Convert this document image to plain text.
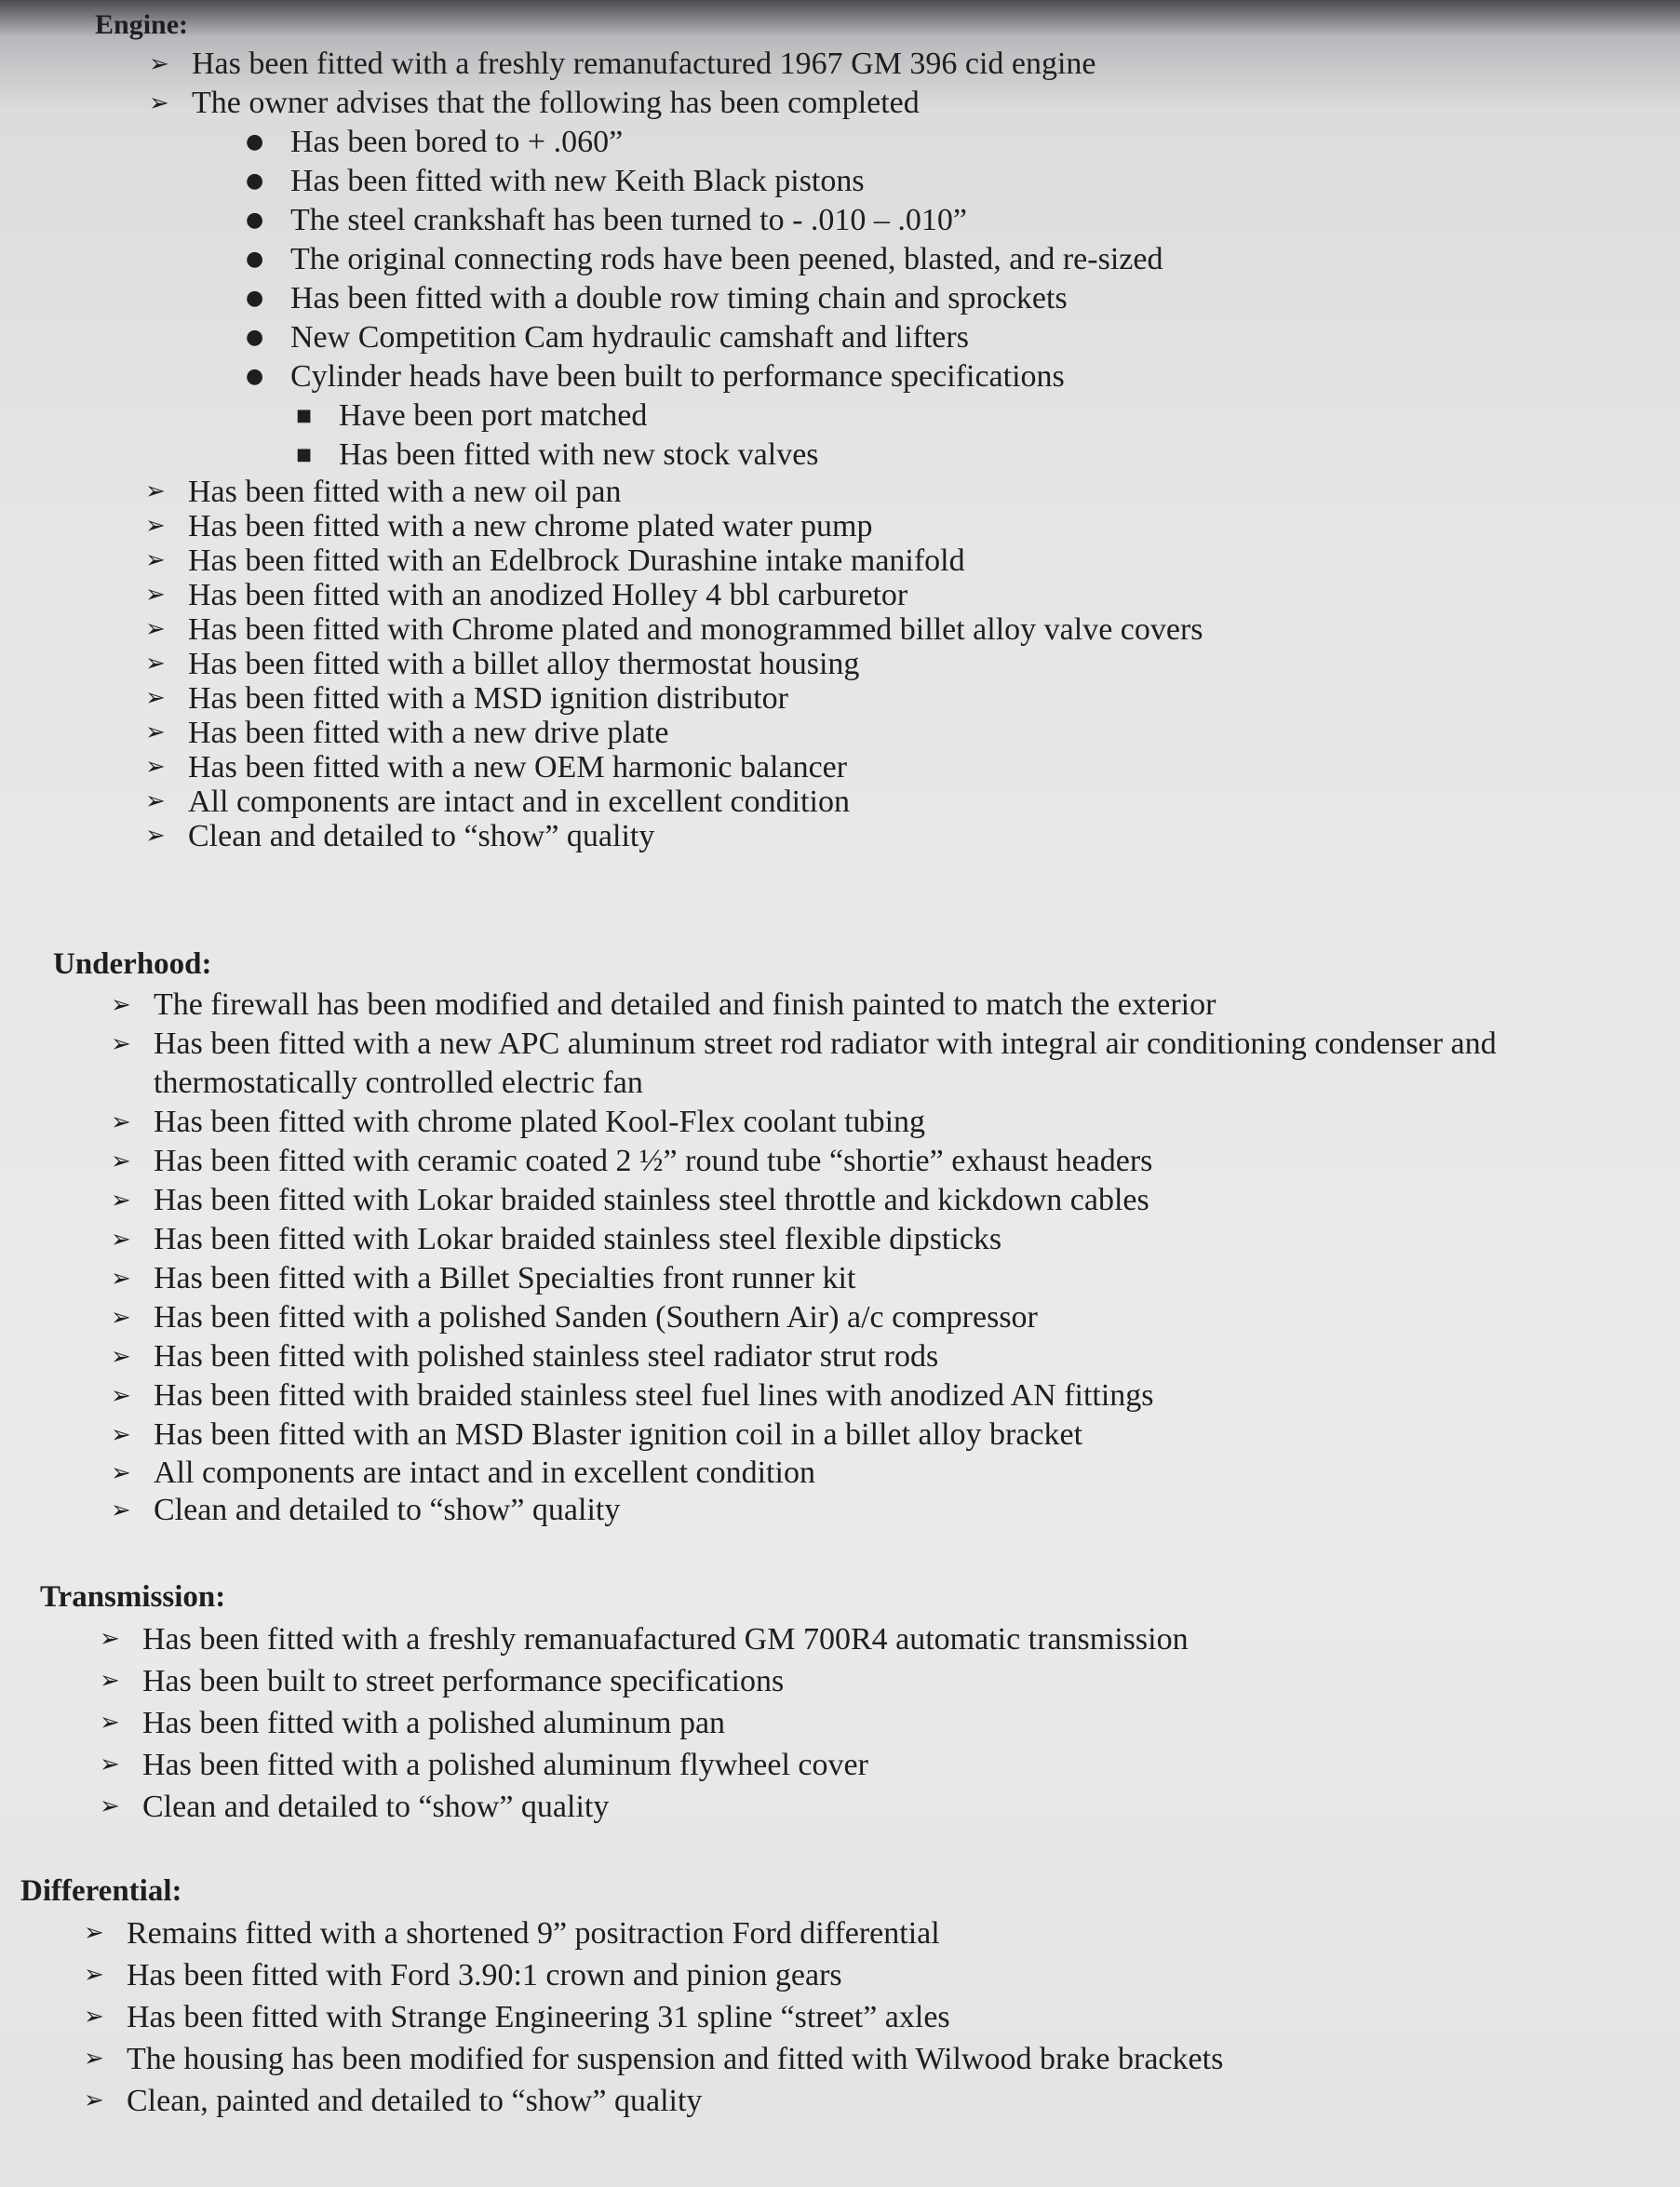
Engine:
➢ Has been fitted with a freshly remanufactured 1967 GM 396 cid engine
➢ The owner advises that the following has been completed
● Has been bored to + .060”
● Has been fitted with new Keith Black pistons
● The steel crankshaft has been turned to - .010 – .010”
● The original connecting rods have been peened, blasted, and re-sized
● Has been fitted with a double row timing chain and sprockets
● New Competition Cam hydraulic camshaft and lifters
● Cylinder heads have been built to performance specifications
■ Have been port matched
■ Has been fitted with new stock valves
➢ Has been fitted with a new oil pan
➢ Has been fitted with a new chrome plated water pump
➢ Has been fitted with an Edelbrock Durashine intake manifold
➢ Has been fitted with an anodized Holley 4 bbl carburetor
➢ Has been fitted with Chrome plated and monogrammed billet alloy valve covers
➢ Has been fitted with a billet alloy thermostat housing
➢ Has been fitted with a MSD ignition distributor
➢ Has been fitted with a new drive plate
➢ Has been fitted with a new OEM harmonic balancer
➢ All components are intact and in excellent condition
➢ Clean and detailed to “show” quality
Underhood:
➢ The firewall has been modified and detailed and finish painted to match the exterior
➢ Has been fitted with a new APC aluminum street rod radiator with integral air conditioning condenser and thermostatically controlled electric fan
➢ Has been fitted with chrome plated Kool-Flex coolant tubing
➢ Has been fitted with ceramic coated 2 ½” round tube “shortie” exhaust headers
➢ Has been fitted with Lokar braided stainless steel throttle and kickdown cables
➢ Has been fitted with Lokar braided stainless steel flexible dipsticks
➢ Has been fitted with a Billet Specialties front runner kit
➢ Has been fitted with a polished Sanden (Southern Air) a/c compressor
➢ Has been fitted with polished stainless steel radiator strut rods
➢ Has been fitted with braided stainless steel fuel lines with anodized AN fittings
➢ Has been fitted with an MSD Blaster ignition coil in a billet alloy bracket
➢ All components are intact and in excellent condition
➢ Clean and detailed to “show” quality
Transmission:
➢ Has been fitted with a freshly remanuafactured GM 700R4 automatic transmission
➢ Has been built to street performance specifications
➢ Has been fitted with a polished aluminum pan
➢ Has been fitted with a polished aluminum flywheel cover
➢ Clean and detailed to “show” quality
Differential:
➢ Remains fitted with a shortened 9” positraction Ford differential
➢ Has been fitted with Ford 3.90:1 crown and pinion gears
➢ Has been fitted with Strange Engineering 31 spline “street” axles
➢ The housing has been modified for suspension and fitted with Wilwood brake brackets
➢ Clean, painted and detailed to “show” quality
